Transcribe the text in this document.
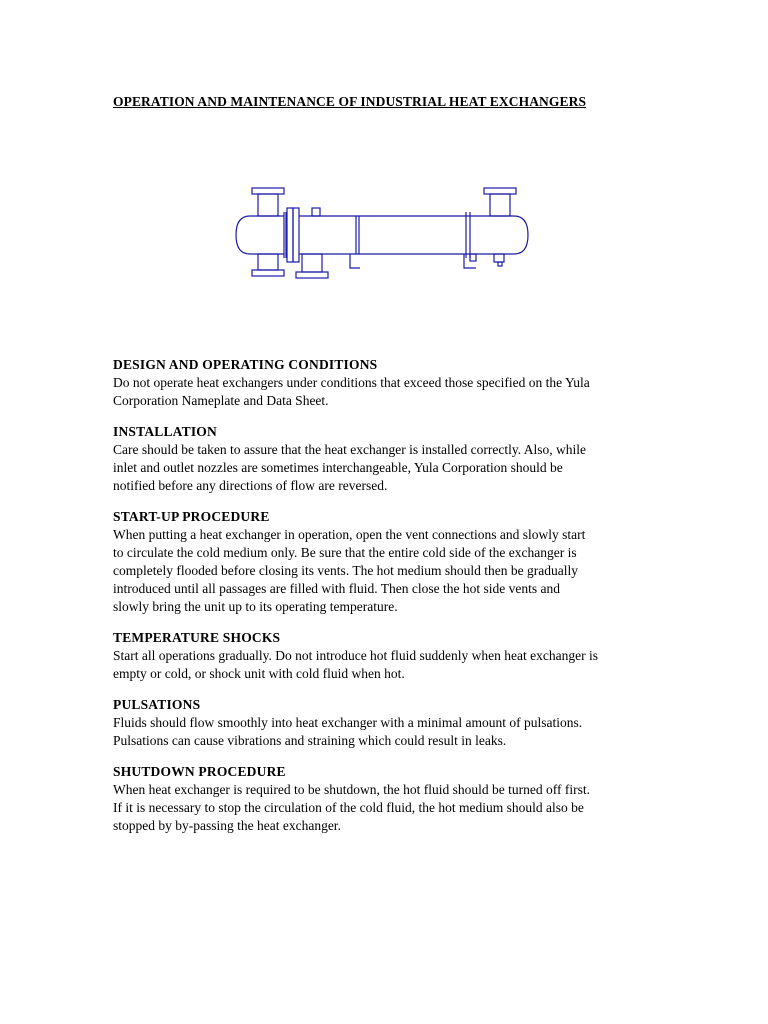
OPERATION AND MAINTENANCE OF INDUSTRIAL HEAT EXCHANGERS
DESIGN AND OPERATING CONDITIONS
Do not operate heat exchangers under conditions that exceed those specified on the Yula
Corporation Nameplate and Data Sheet.
INSTALLATION
Care should be taken to assure that the heat exchanger is installed correctly. Also, while
inlet and outlet nozzles are sometimes interchangeable, Yula Corporation should be
notified before any directions of flow are reversed.
START-UP PROCEDURE
When putting a heat exchanger in operation, open the vent connections and slowly start
to circulate the cold medium only. Be sure that the entire cold side of the exchanger is
completely flooded before closing its vents. The hot medium should then be gradually
introduced until all passages are filled with fluid. Then close the hot side vents and
slowly bring the unit up to its operating temperature.
TEMPERATURE SHOCKS
Start all operations gradually. Do not introduce hot fluid suddenly when heat exchanger is
empty or cold, or shock unit with cold fluid when hot.
PULSATIONS
Fluids should flow smoothly into heat exchanger with a minimal amount of pulsations.
Pulsations can cause vibrations and straining which could result in leaks.
SHUTDOWN PROCEDURE
When heat exchanger is required to be shutdown, the hot fluid should be turned off first.
If it is necessary to stop the circulation of the cold fluid, the hot medium should also be
stopped by by-passing the heat exchanger.
